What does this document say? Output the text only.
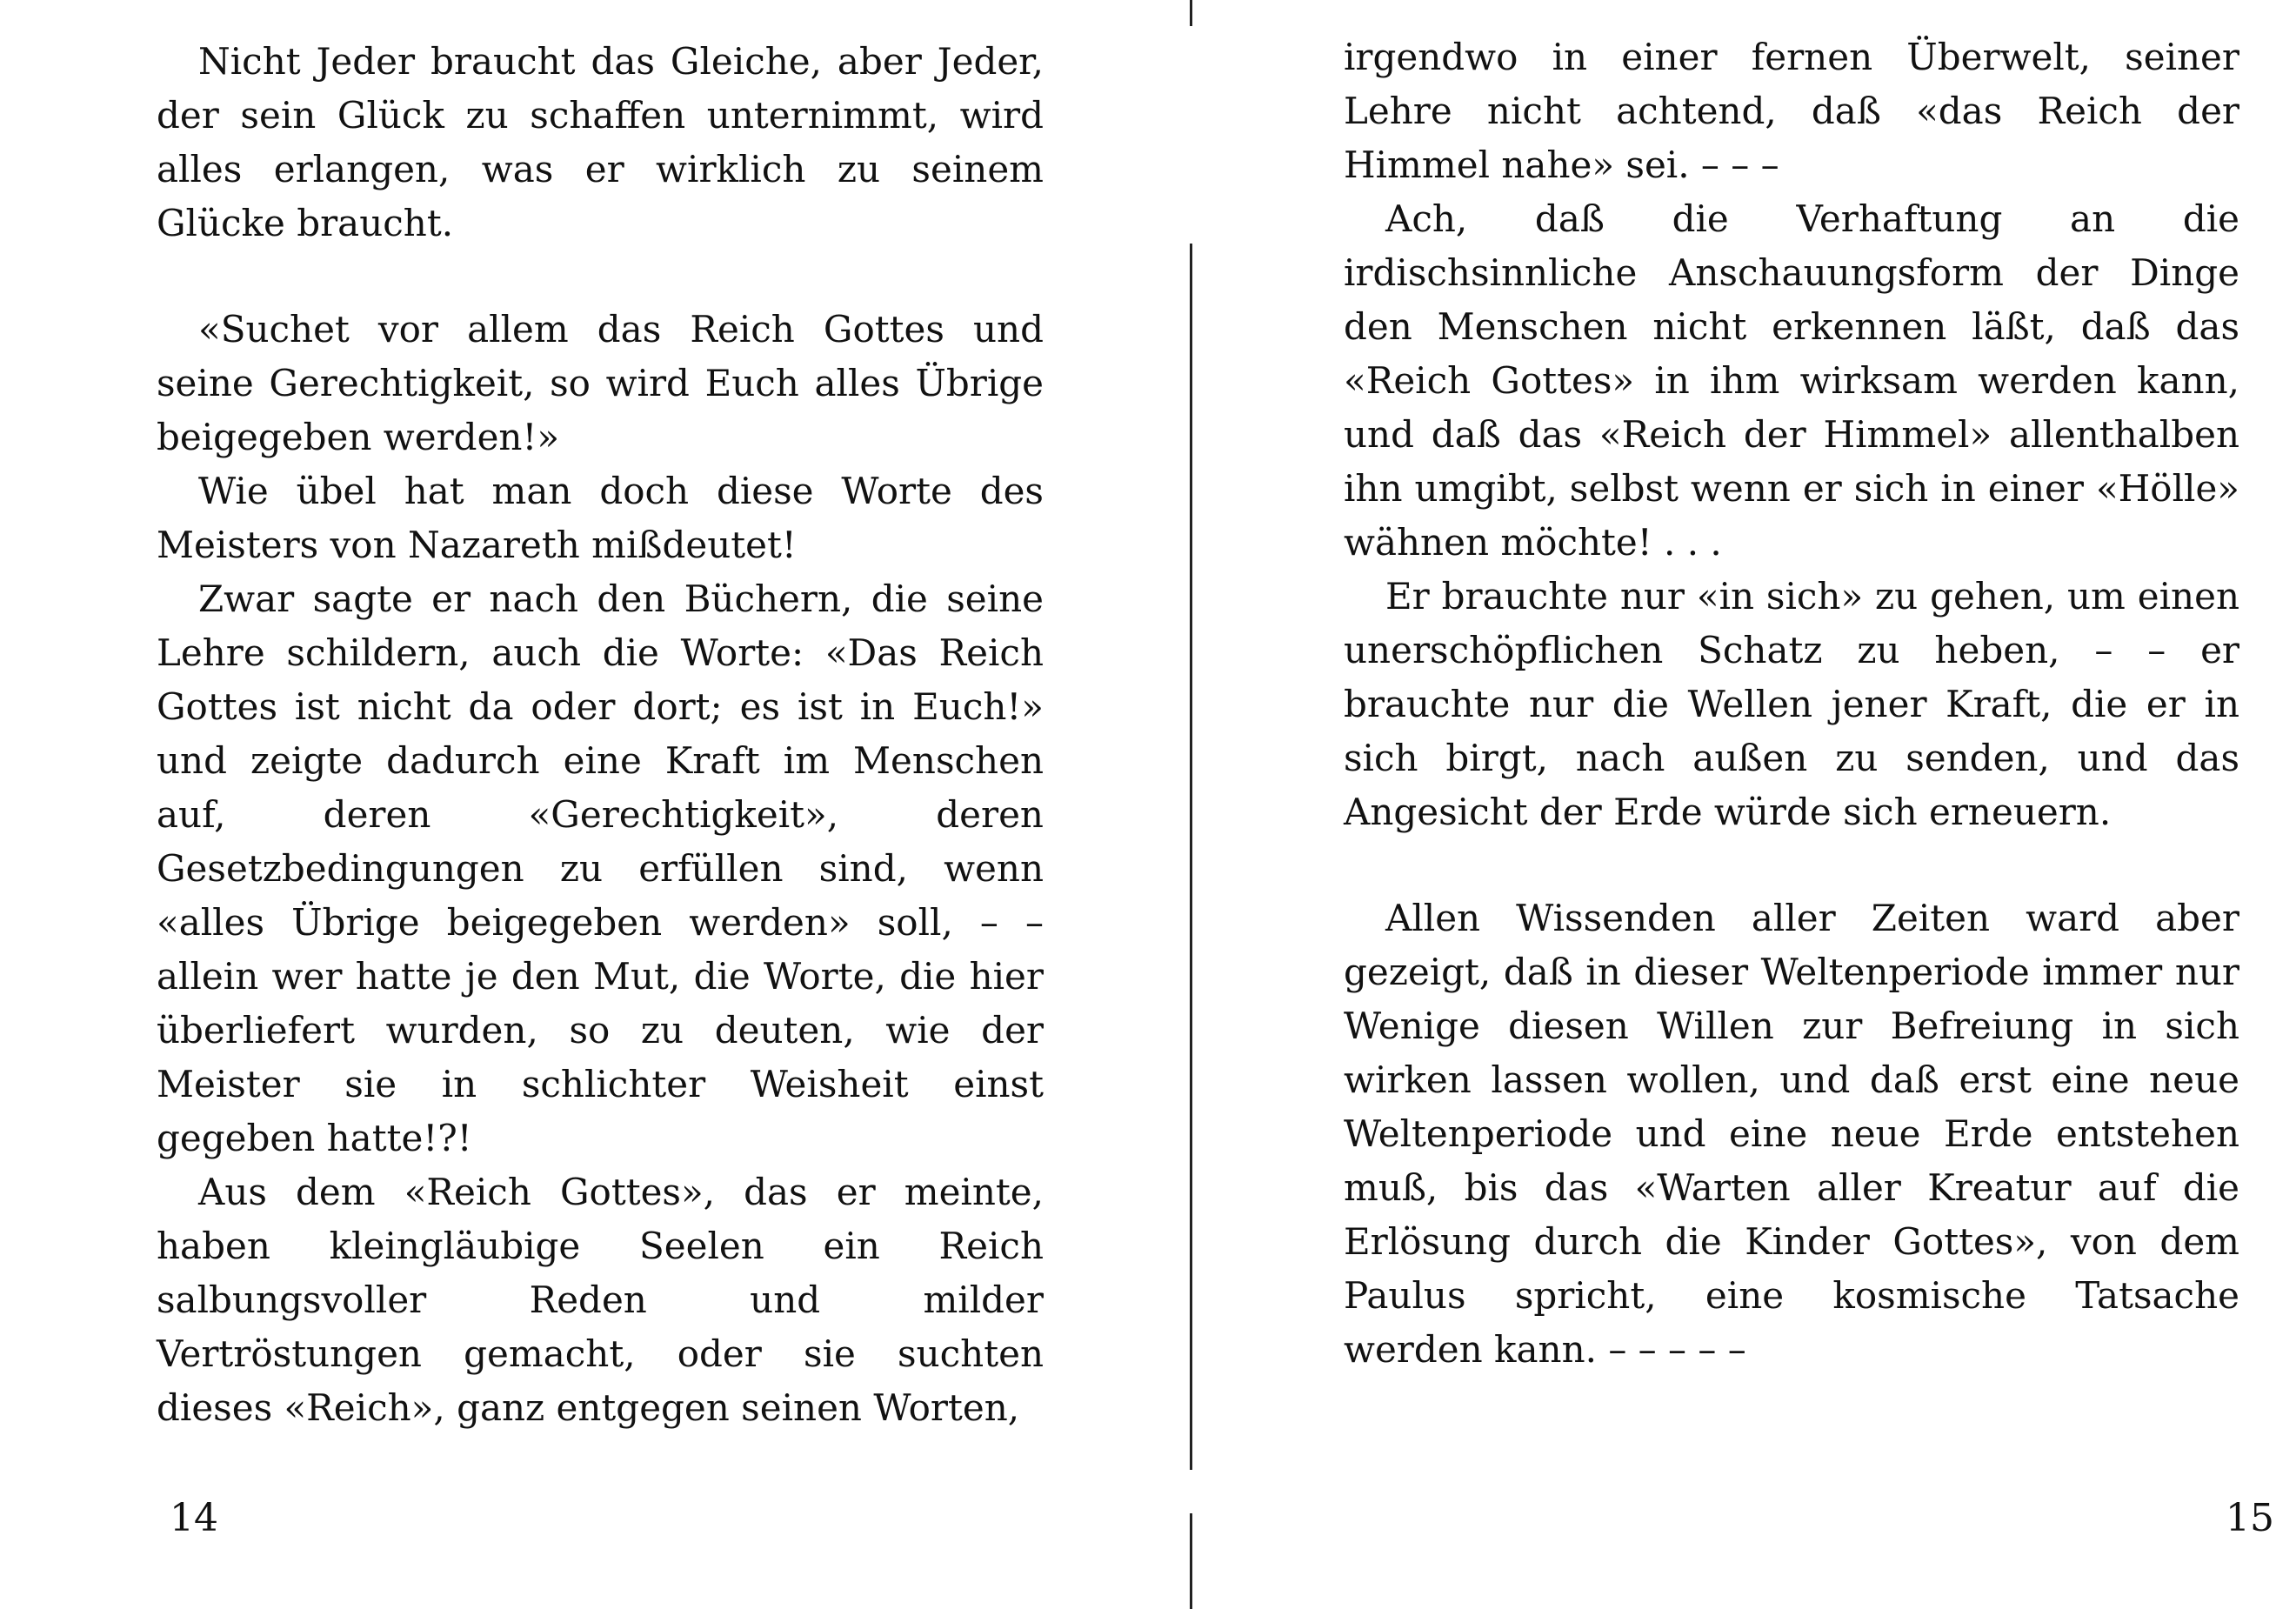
Nicht Jeder braucht das Gleiche, aber Jeder, der sein Glück zu schaffen unternimmt, wird alles erlangen, was er wirklich zu seinem Glücke braucht.

«Suchet vor allem das Reich Gottes und seine Gerechtigkeit, so wird Euch alles Übrige beigegeben werden!»

Wie übel hat man doch diese Worte des Meisters von Nazareth mißdeutet!

Zwar sagte er nach den Büchern, die seine Lehre schildern, auch die Worte: «Das Reich Gottes ist nicht da oder dort; es ist in Euch!» und zeigte dadurch eine Kraft im Menschen auf, deren «Gerechtigkeit», deren Gesetzbedingungen zu erfüllen sind, wenn «alles Übrige beigegeben werden» soll, – – allein wer hatte je den Mut, die Worte, die hier überliefert wurden, so zu deuten, wie der Meister sie in schlichter Weisheit einst gegeben hatte!?!

Aus dem «Reich Gottes», das er meinte, haben kleingläubige Seelen ein Reich salbungsvoller Reden und milder Vertröstungen gemacht, oder sie suchten dieses «Reich», ganz entgegen seinen Worten,

14

irgendwo in einer fernen Überwelt, seiner Lehre nicht achtend, daß «das Reich der Himmel nahe» sei. – – –

Ach, daß die Verhaftung an die irdischsinnliche Anschauungsform der Dinge den Menschen nicht erkennen läßt, daß das «Reich Gottes» in ihm wirksam werden kann, und daß das «Reich der Himmel» allenthalben ihn umgibt, selbst wenn er sich in einer «Hölle» wähnen möchte! . . .

Er brauchte nur «in sich» zu gehen, um einen unerschöpflichen Schatz zu heben, – – er brauchte nur die Wellen jener Kraft, die er in sich birgt, nach außen zu senden, und das Angesicht der Erde würde sich erneuern.

Allen Wissenden aller Zeiten ward aber gezeigt, daß in dieser Weltenperiode immer nur Wenige diesen Willen zur Befreiung in sich wirken lassen wollen, und daß erst eine neue Weltenperiode und eine neue Erde entstehen muß, bis das «Warten aller Kreatur auf die Erlösung durch die Kinder Gottes», von dem Paulus spricht, eine kosmische Tatsache werden kann. – – – – –

15
